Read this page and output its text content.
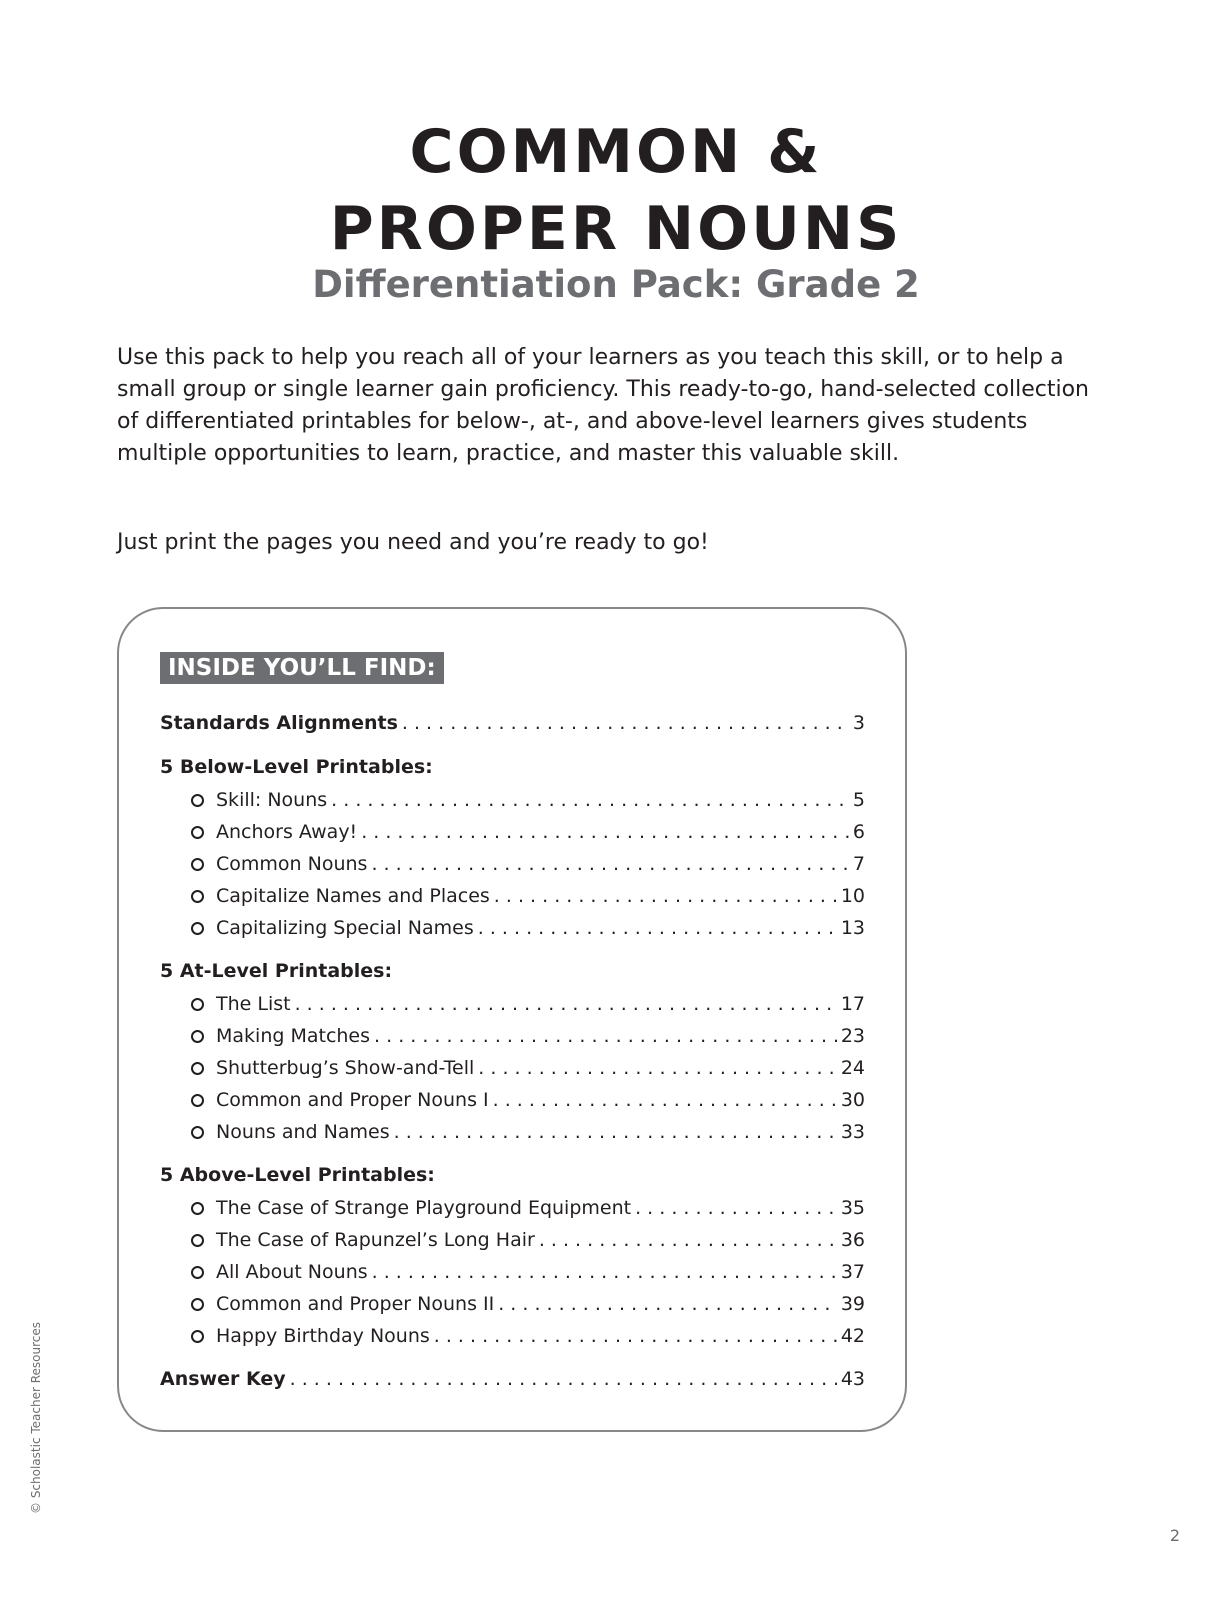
COMMON &
PROPER NOUNS
Differentiation Pack: Grade 2

Use this pack to help you reach all of your learners as you teach this skill, or to help a small group or single learner gain proficiency. This ready-to-go, hand-selected collection of differentiated printables for below-, at-, and above-level learners gives students multiple opportunities to learn, practice, and master this valuable skill.

Just print the pages you need and you’re ready to go!

INSIDE YOU’LL FIND:
Standards Alignments . . .	3
5 Below-Level Printables:
Skill: Nouns . . .	5
Anchors Away! . . .	6
Common Nouns . . .	7
Capitalize Names and Places . . .	10
Capitalizing Special Names . . .	13
5 At-Level Printables:
The List . . .	17
Making Matches . . .	23
Shutterbug’s Show-and-Tell . . .	24
Common and Proper Nouns I . . .	30
Nouns and Names . . .	33
5 Above-Level Printables:
The Case of Strange Playground Equipment . . .	35
The Case of Rapunzel’s Long Hair . . .	36
All About Nouns . . .	37
Common and Proper Nouns II . . .	39
Happy Birthday Nouns . . .	42
Answer Key . . .	43
© Scholastic Teacher Resources
2
